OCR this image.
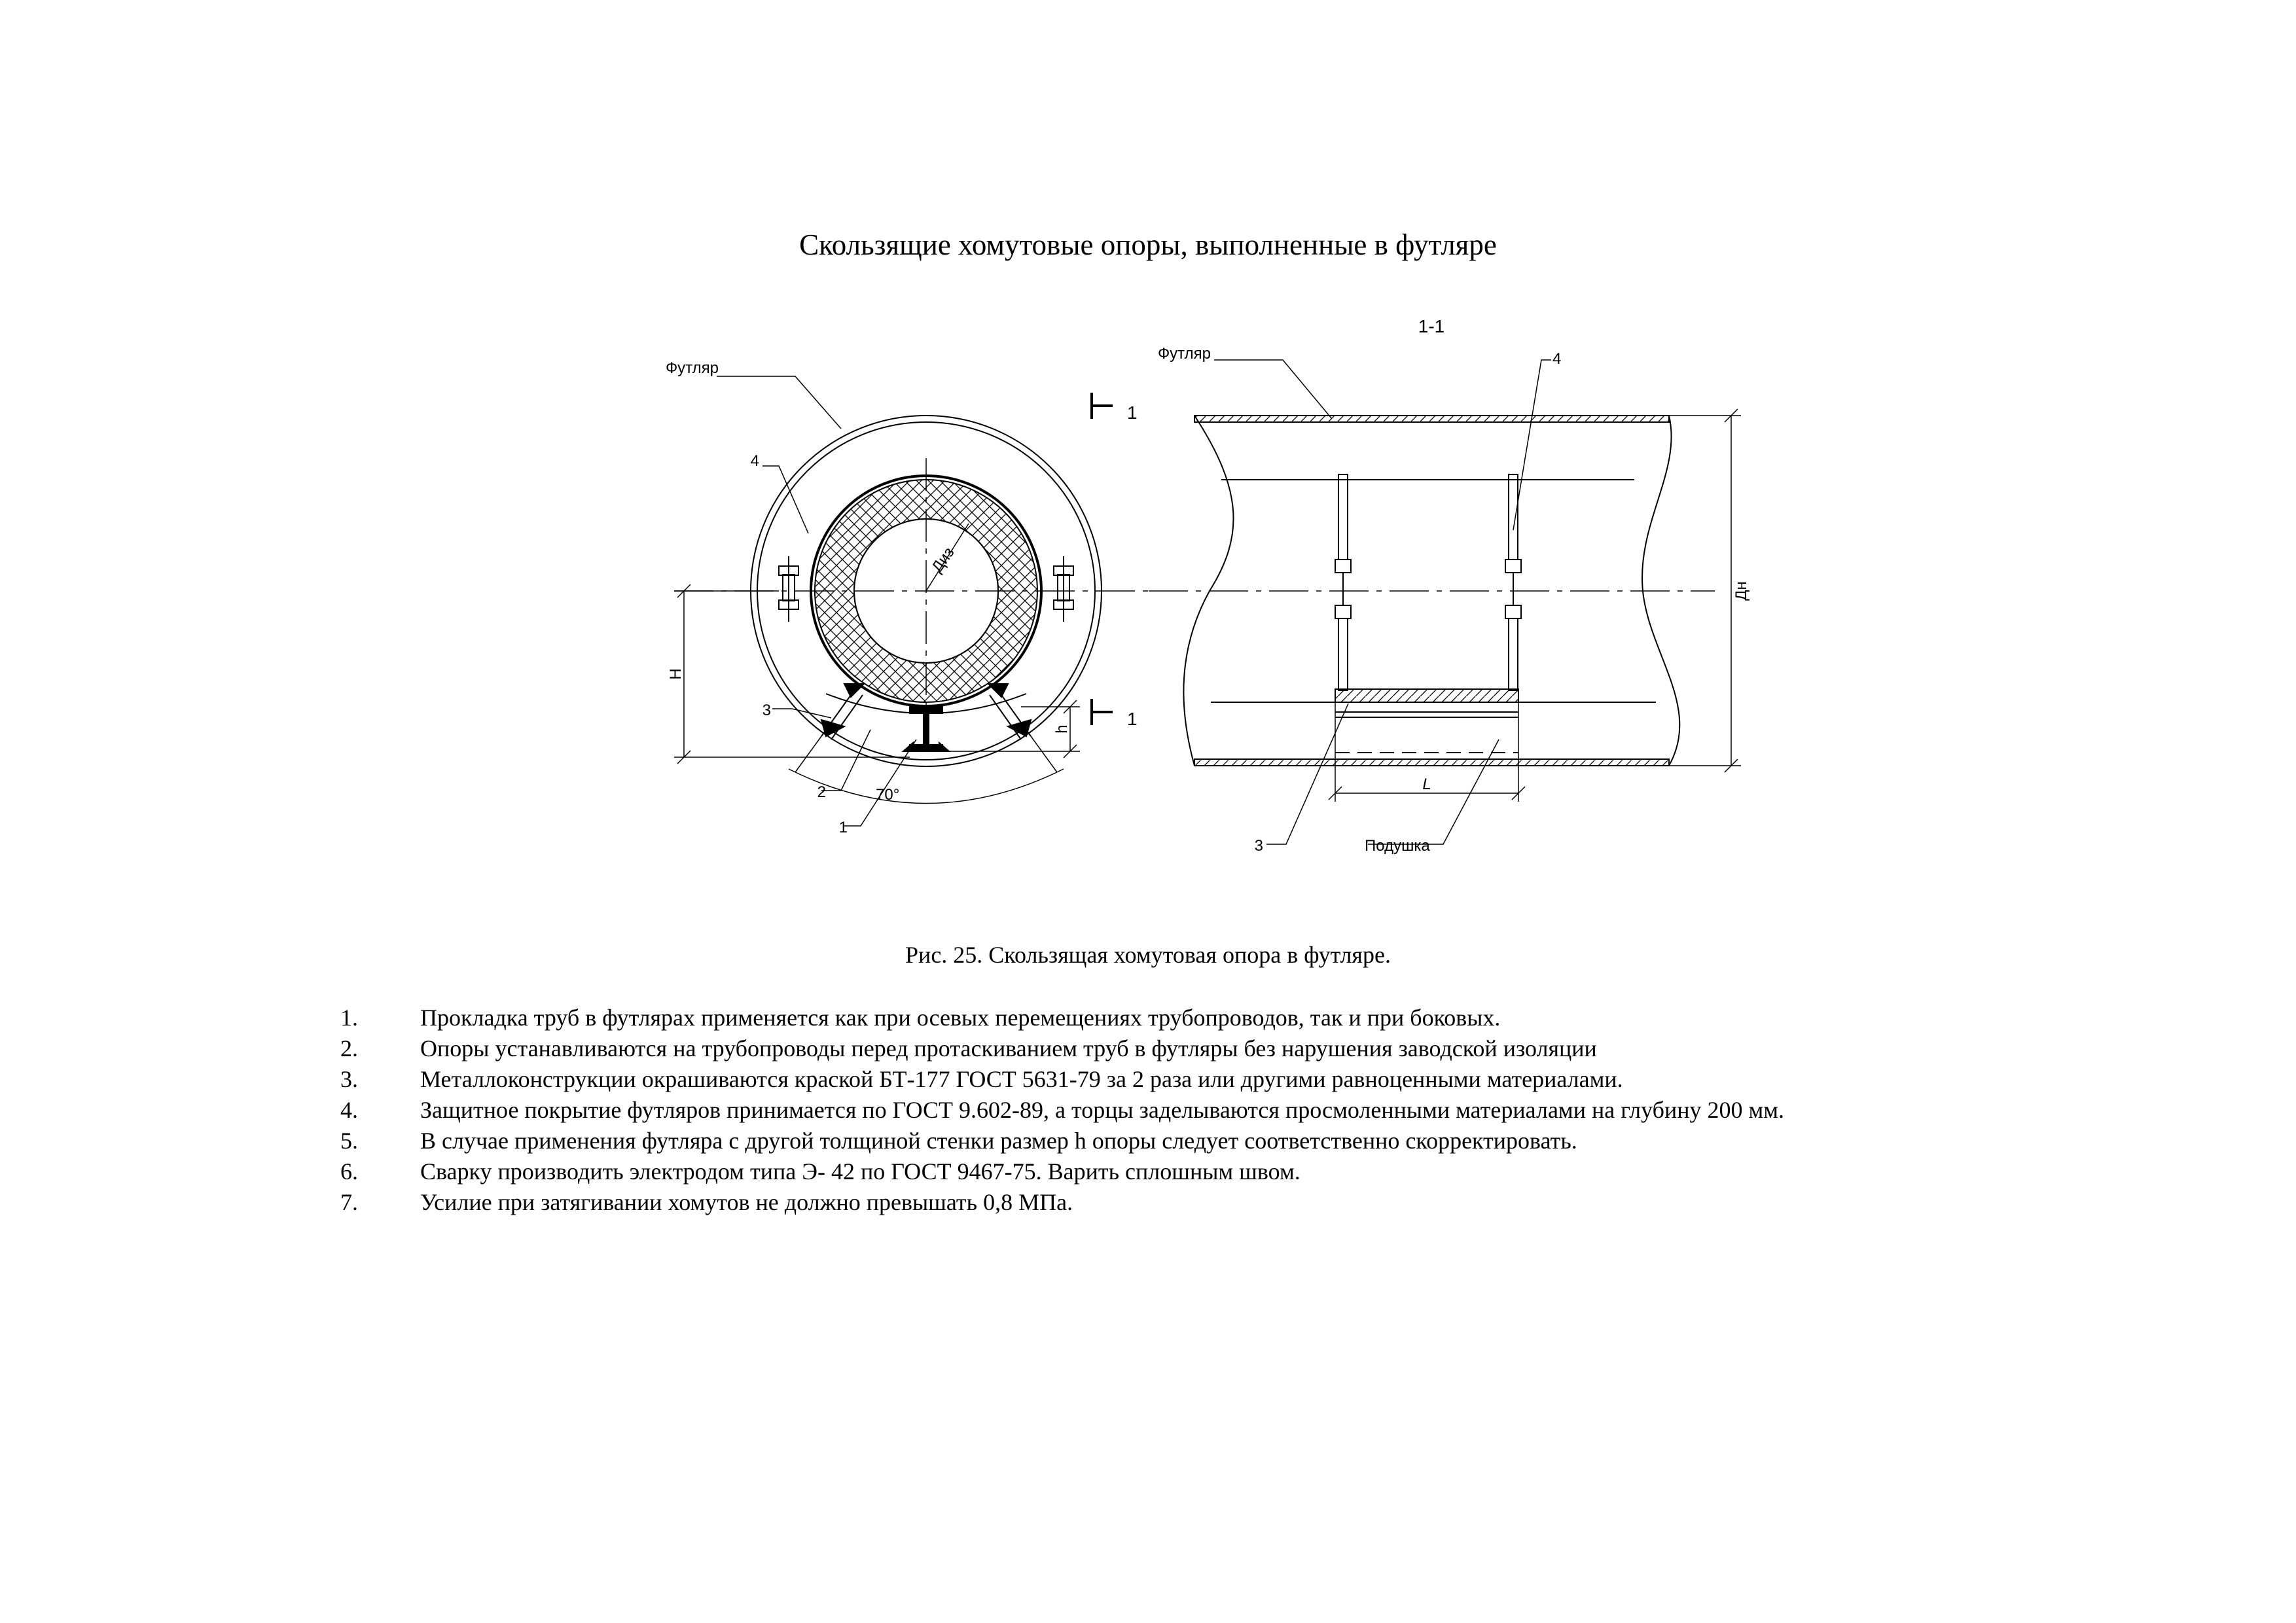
Скользящие хомутовые опоры, выполненные в футляре
Футляр
4
3
2
1
70°
H
h
Диз
1
1
1-1
Футляр	4
3	Подушка
L
Дн
Рис. 25. Скользящая хомутовая опора в футляре.
1.	Прокладка труб в футлярах применяется как при осевых перемещениях трубопроводов, так и при боковых.
2.	Опоры устанавливаются на трубопроводы перед протаскиванием труб в футляры без нарушения заводской изоляции
3.	Металлоконструкции окрашиваются краской БТ-177 ГОСТ 5631-79 за 2 раза или другими равноценными материалами.
4.	Защитное покрытие футляров принимается по ГОСТ 9.602-89, а торцы заделываются просмоленными материалами на глубину 200 мм.
5.	В случае применения футляра с другой толщиной стенки размер h опоры следует соответственно скорректировать.
6.	Сварку производить электродом типа Э- 42 по ГОСТ 9467-75. Варить сплошным швом.
7.	Усилие при затягивании хомутов не должно превышать 0,8 МПа.
